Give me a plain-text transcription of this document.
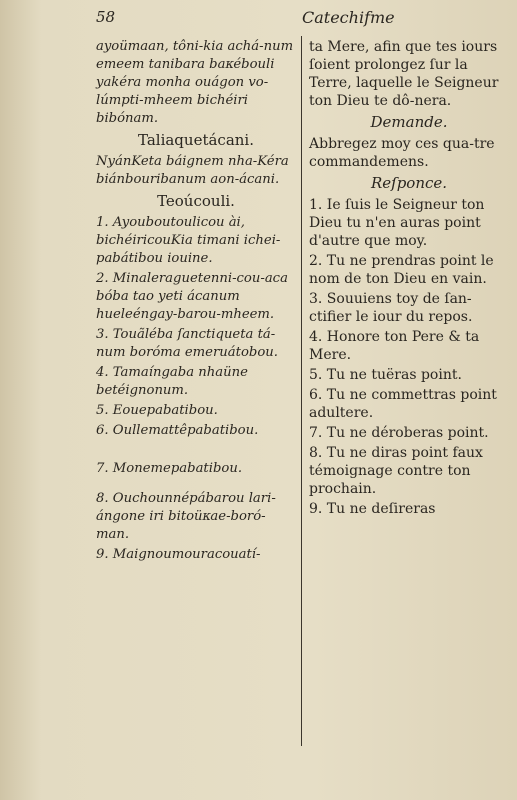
58	Catechifme

ayoümaan, tôni-kia achá-num emeem tanibara baᴋébouli yakéra monha ouágon vo-lúmpti-mheem bichéiri bibónam.

Taliaquetácani.

NyánKeta báignem nha-Kéra biánbouribanum aon-ácani.

Teoúcouli.

1. Ayouboutoulicou ài, bichéiricouKia timani ichei-pabátibou iouine.

2. Minaleraguetenni-cou-aca bóba tao yeti ácanum hueleéngay-barou-mheem.

3. Touãléba ſanctiqueta tá-num boróma emeruátobou.

4. Tamaíngaba nhaüne betéignonum.

5. Eouepabatibou.

6. Oullemattêpabatibou.

7. Monemepabatibou.

8. Ouchounnépábarou lari-ángone iri bitoüᴋae-boró-man.

9. Maignoumouracouatí-

ta Mere, afin que tes iours ſoient prolongez ſur la Terre, laquelle le Seigneur ton Dieu te dô-nera.

Demande.

Abbregez moy ces qua-tre commandemens.

Reſponce.

1. Ie ſuis le Seigneur ton Dieu tu n'en auras point d'autre que moy.

2. Tu ne prendras point le nom de ton Dieu en vain.

3. Souuiens toy de ſan-ctifier le iour du repos.

4. Honore ton Pere & ta Mere.

5. Tu ne tuëras point.

6. Tu ne commettras point adultere.

7. Tu ne déroberas point.

8. Tu ne diras point faux témoignage contre ton prochain.

9. Tu ne deſireras
